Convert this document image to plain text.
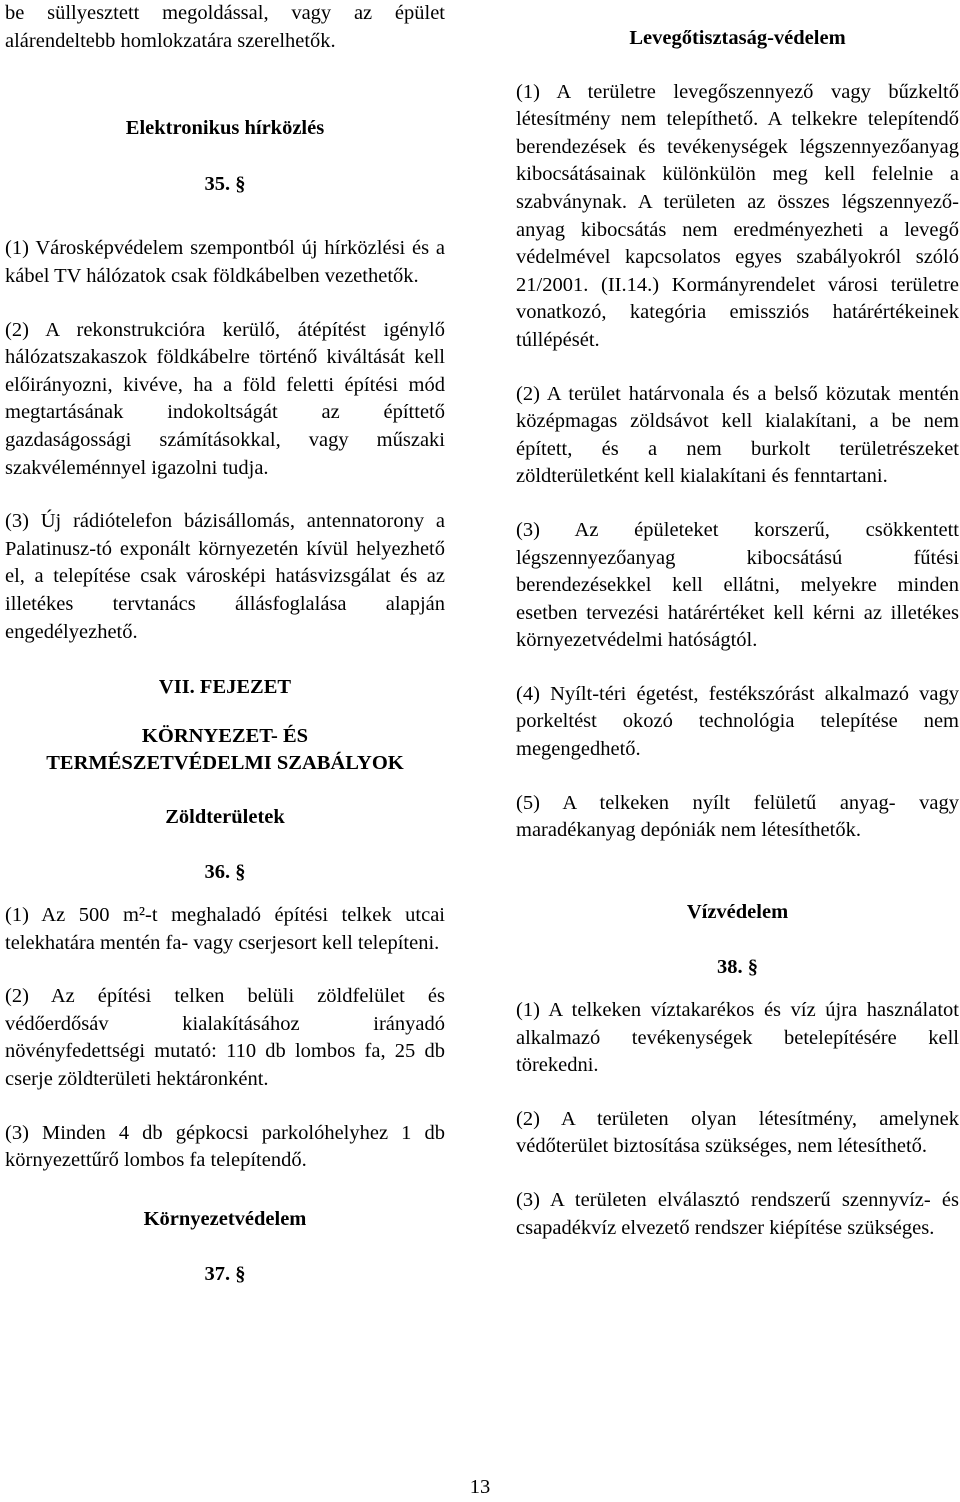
be süllyesztett megoldással, vagy az épület alárendeltebb homlokzatára szerelhetők.

Elektronikus hírközlés

35. §

(1) Városképvédelem szempontból új hírközlési és a kábel TV hálózatok csak földkábelben vezethetők.

(2) A rekonstrukcióra kerülő, átépítést igénylő hálózatszakaszok földkábelre történő kiváltását kell előirányozni, kivéve, ha a föld feletti építési mód megtartásának indokoltságát az építtető gazdaságossági számításokkal, vagy műszaki szakvéleménnyel igazolni tudja.

(3) Új rádiótelefon bázisállomás, antennatorony a Palatinusz-tó exponált környezetén kívül helyezhető el, a telepítése csak városképi hatásvizsgálat és az illetékes tervtanács állásfoglalása alapján engedélyezhető.

VII. FEJEZET

KÖRNYEZET- ÉS

TERMÉSZETVÉDELMI SZABÁLYOK

Zöldterületek

36. §

(1) Az 500 m²-t meghaladó építési telkek utcai telekhatára mentén fa- vagy cserjesort kell telepíteni.

(2) Az építési telken belüli zöldfelület és védőerdősáv kialakításához irányadó növényfedettségi mutató: 110 db lombos fa, 25 db cserje zöldterületi hektáronként.

(3) Minden 4 db gépkocsi parkolóhelyhez 1 db környezettűrő lombos fa telepítendő.

Környezetvédelem

37. §

Levegőtisztaság-védelem

(1) A területre levegőszennyező vagy bűzkeltő létesítmény nem telepíthető. A telkekre telepítendő berendezések és tevékenységek légszennyezőanyag kibocsátásainak különkülön meg kell felelnie a szabványnak. A területen az összes légszennyező-anyag kibocsátás nem eredményezheti a levegő védelmével kapcsolatos egyes szabályokról szóló 21/2001. (II.14.) Kormányrendelet városi területre vonatkozó, kategória emissziós határértékeinek túllépését.

(2) A terület határvonala és a belső közutak mentén középmagas zöldsávot kell kialakítani, a be nem épített, és a nem burkolt területrészeket zöldterületként kell kialakítani és fenntartani.

(3) Az épületeket korszerű, csökkentett légszennyezőanyag kibocsátású fűtési berendezésekkel kell ellátni, melyekre minden esetben tervezési határértéket kell kérni az illetékes környezetvédelmi hatóságtól.

(4) Nyílt-téri égetést, festékszórást alkalmazó vagy porkeltést okozó technológia telepítése nem megengedhető.

(5) A telkeken nyílt felületű anyag- vagy maradékanyag depóniák nem létesíthetők.

Vízvédelem

38. §

(1) A telkeken víztakarékos és víz újra használatot alkalmazó tevékenységek betelepítésére kell törekedni.

(2) A területen olyan létesítmény, amelynek védőterület biztosítása szükséges, nem létesíthető.

(3) A területen elválasztó rendszerű szennyvíz- és csapadékvíz elvezető rendszer kiépítése szükséges.

13
